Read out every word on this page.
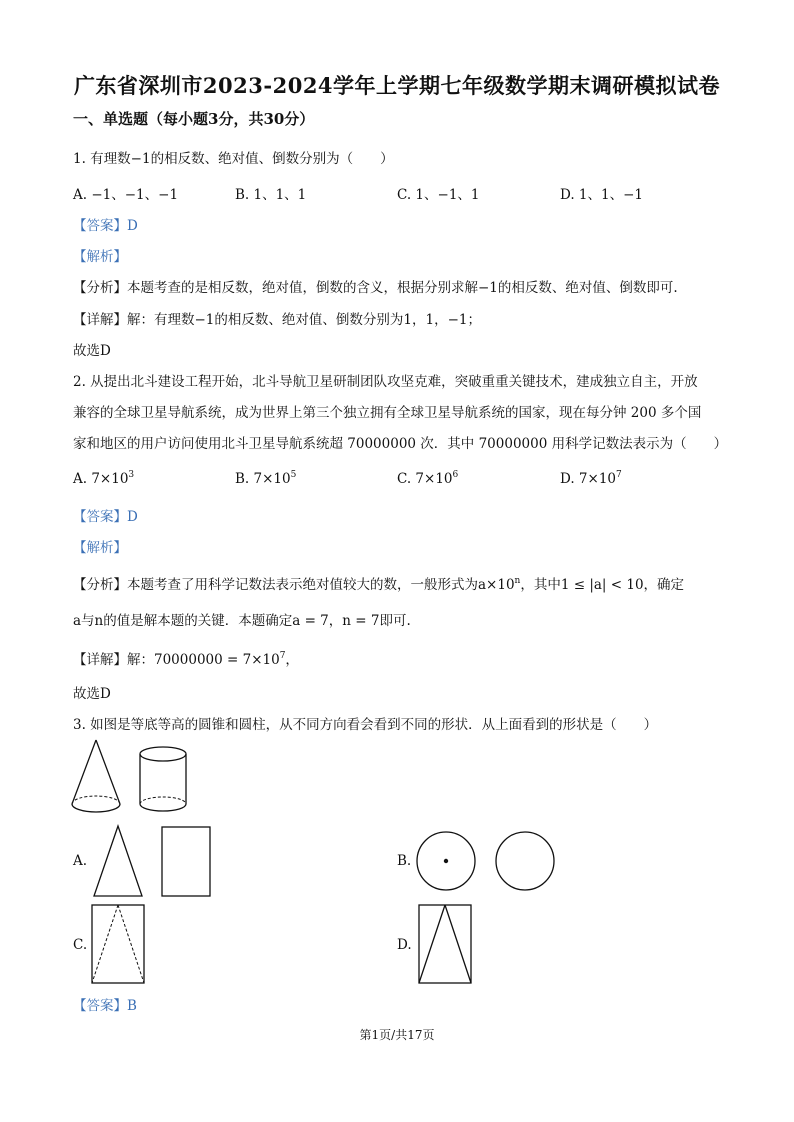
广东省深圳市2023-2024学年上学期七年级数学期末调研模拟试卷
一、单选题（每小题3分，共30分）
1. 有理数−1的相反数、绝对值、倒数分别为（　　）
A. −1、−1、−1	B. 1、1、1	C. 1、−1、1	D. 1、1、−1
【答案】D
【解析】
【分析】本题考查的是相反数，绝对值，倒数的含义，根据分别求解−1的相反数、绝对值、倒数即可.
【详解】解：有理数−1的相反数、绝对值、倒数分别为1，1，−1；
故选D
2. 从提出北斗建设工程开始，北斗导航卫星研制团队攻坚克难，突破重重关键技术，建成独立自主，开放
兼容的全球卫星导航系统，成为世界上第三个独立拥有全球卫星导航系统的国家，现在每分钟 200 多个国
家和地区的用户访问使用北斗卫星导航系统超 70000000 次．其中 70000000 用科学记数法表示为（　　）
A. $7\times 10^3$	B. $7\times 10^5$	C. $7\times 10^6$	D. $7\times 10^7$
【答案】D
【解析】
【分析】本题考查了用科学记数法表示绝对值较大的数，一般形式为$a\times 10^n$，其中1 ≤ |a| < 10，确定
a与n的值是解本题的关键．本题确定a = 7，n = 7即可.
【详解】解：$70000000 = 7\times 10^7$，
故选D
3. 如图是等底等高的圆锥和圆柱，从不同方向看会看到不同的形状．从上面看到的形状是（　　）
A.	B.
C.	D.
【答案】B
第1页/共17页
